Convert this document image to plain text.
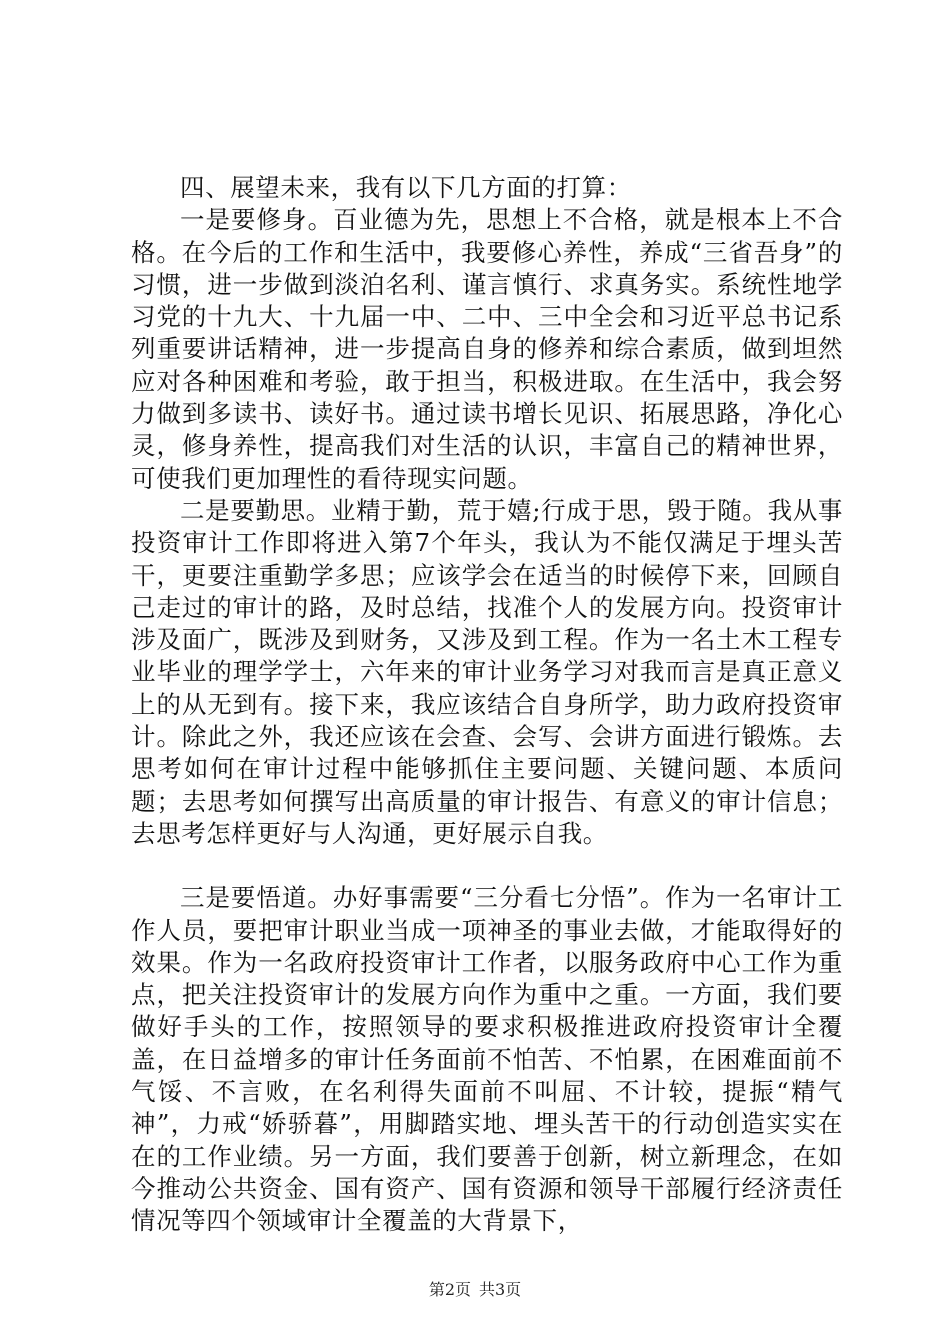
四、展望未来，我有以下几方面的打算：

一是要修身。百业德为先，思想上不合格，就是根本上不合格。在今后的工作和生活中，我要修心养性，养成“三省吾身”的习惯，进一步做到淡泊名利、谨言慎行、求真务实。系统性地学习党的十九大、十九届一中、二中、三中全会和习近平总书记系列重要讲话精神，进一步提高自身的修养和综合素质，做到坦然应对各种困难和考验，敢于担当，积极进取。在生活中，我会努力做到多读书、读好书。通过读书增长见识、拓展思路，净化心灵，修身养性，提高我们对生活的认识，丰富自己的精神世界，可使我们更加理性的看待现实问题。

二是要勤思。业精于勤，荒于嬉;行成于思，毁于随。我从事投资审计工作即将进入第7个年头，我认为不能仅满足于埋头苦干，更要注重勤学多思；应该学会在适当的时候停下来，回顾自己走过的审计的路，及时总结，找准个人的发展方向。投资审计涉及面广，既涉及到财务，又涉及到工程。作为一名土木工程专业毕业的理学学士，六年来的审计业务学习对我而言是真正意义上的从无到有。接下来，我应该结合自身所学，助力政府投资审计。除此之外，我还应该在会查、会写、会讲方面进行锻炼。去思考如何在审计过程中能够抓住主要问题、关键问题、本质问题；去思考如何撰写出高质量的审计报告、有意义的审计信息；去思考怎样更好与人沟通，更好展示自我。

三是要悟道。办好事需要“三分看七分悟”。作为一名审计工作人员，要把审计职业当成一项神圣的事业去做，才能取得好的效果。作为一名政府投资审计工作者，以服务政府中心工作为重点，把关注投资审计的发展方向作为重中之重。一方面，我们要做好手头的工作，按照领导的要求积极推进政府投资审计全覆盖，在日益增多的审计任务面前不怕苦、不怕累，在困难面前不气馁、不言败，在名利得失面前不叫屈、不计较，提振“精气神”，力戒“娇骄暮”，用脚踏实地、埋头苦干的行动创造实实在在的工作业绩。另一方面，我们要善于创新，树立新理念，在如今推动公共资金、国有资产、国有资源和领导干部履行经济责任情况等四个领域审计全覆盖的大背景下，

第2页 共3页
